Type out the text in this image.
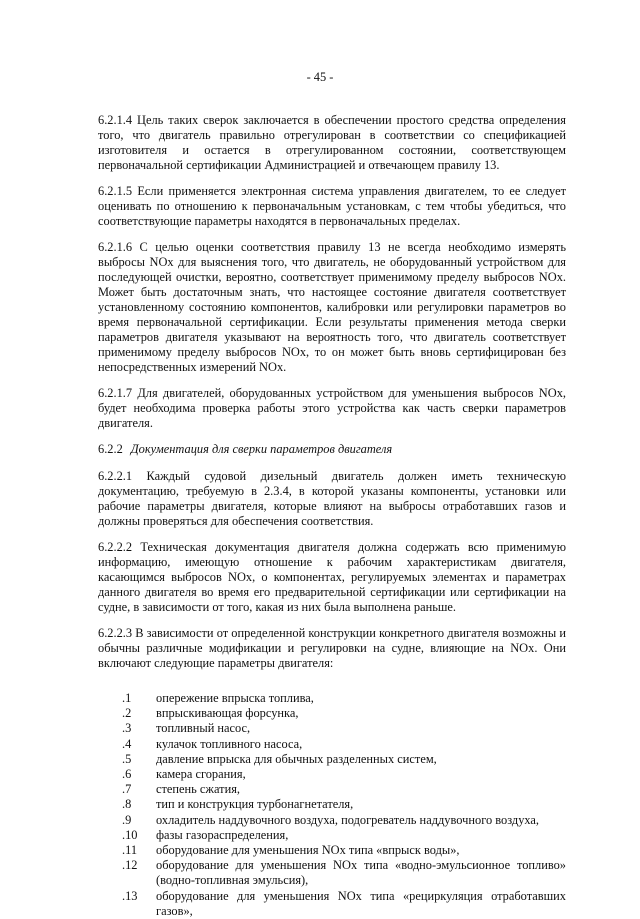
- 45 -

6.2.1.4 Цель таких сверок заключается в обеспечении простого средства определения того, что двигатель правильно отрегулирован в соответствии со спецификацией изготовителя и остается в отрегулированном состоянии, соответствующем первоначальной сертификации Администрацией и отвечающем правилу 13.

6.2.1.5 Если применяется электронная система управления двигателем, то ее следует оценивать по отношению к первоначальным установкам, с тем чтобы убедиться, что соответствующие параметры находятся в первоначальных пределах.

6.2.1.6 С целью оценки соответствия правилу 13 не всегда необходимо измерять выбросы NOx для выяснения того, что двигатель, не оборудованный устройством для последующей очистки, вероятно, соответствует применимому пределу выбросов NOx. Может быть достаточным знать, что настоящее состояние двигателя соответствует установленному состоянию компонентов, калибровки или регулировки параметров во время первоначальной сертификации. Если результаты применения метода сверки параметров двигателя указывают на вероятность того, что двигатель соответствует применимому пределу выбросов NOx, то он может быть вновь сертифицирован без непосредственных измерений NOx.

6.2.1.7 Для двигателей, оборудованных устройством для уменьшения выбросов NOx, будет необходима проверка работы этого устройства как часть сверки параметров двигателя.

6.2.2 Документация для сверки параметров двигателя

6.2.2.1 Каждый судовой дизельный двигатель должен иметь техническую документацию, требуемую в 2.3.4, в которой указаны компоненты, установки или рабочие параметры двигателя, которые влияют на выбросы отработавших газов и должны проверяться для обеспечения соответствия.

6.2.2.2 Техническая документация двигателя должна содержать всю применимую информацию, имеющую отношение к рабочим характеристикам двигателя, касающимся выбросов NOx, о компонентах, регулируемых элементах и параметрах данного двигателя во время его предварительной сертификации или сертификации на судне, в зависимости от того, какая из них была выполнена раньше.

6.2.2.3 В зависимости от определенной конструкции конкретного двигателя возможны и обычны различные модификации и регулировки на судне, влияющие на NOx. Они включают следующие параметры двигателя:

.1	опережение впрыска топлива,
.2	впрыскивающая форсунка,
.3	топливный насос,
.4	кулачок топливного насоса,
.5	давление впрыска для обычных разделенных систем,
.6	камера сгорания,
.7	степень сжатия,
.8	тип и конструкция турбонагнетателя,
.9	охладитель наддувочного воздуха, подогреватель наддувочного воздуха,
.10	фазы газораспределения,
.11	оборудование для уменьшения NOx типа «впрыск воды»,
.12	оборудование для уменьшения NOx типа «водно-эмульсионное топливо» (водно-топливная эмульсия),
.13	оборудование для уменьшения NOx типа «рециркуляция отработавших газов»,
